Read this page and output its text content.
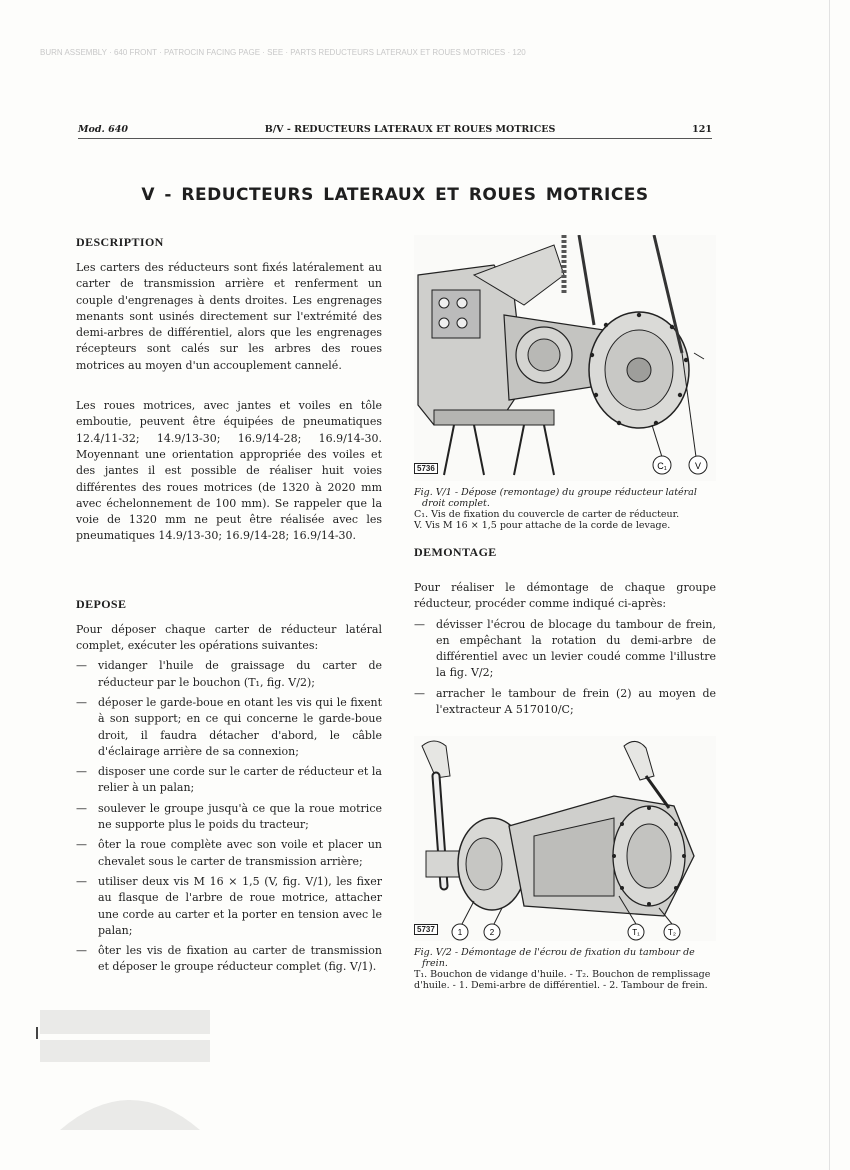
BURN ASSEMBLY · 640 FRONT · PATROCIN FACING PAGE · SEE · PARTS REDUCTEURS LATERAUX ET ROUES MOTRICES · 120
Mod. 640	B/V - REDUCTEURS LATERAUX ET ROUES MOTRICES	121
V - REDUCTEURS LATERAUX ET ROUES MOTRICES
DESCRIPTION

Les carters des réducteurs sont fixés latéralement au carter de transmission arrière et renferment un couple d'engrenages à dents droites. Les engrenages menants sont usinés directement sur l'extrémité des demi-arbres de différentiel, alors que les engrenages récepteurs sont calés sur les arbres des roues motrices au moyen d'un accouplement cannelé.

Les roues motrices, avec jantes et voiles en tôle emboutie, peuvent être équipées de pneumatiques 12.4/11-32; 14.9/13-30; 16.9/14-28; 16.9/14-30. Moyennant une orientation appropriée des voiles et des jantes il est possible de réaliser huit voies différentes des roues motrices (de 1320 à 2020 mm avec échelonnement de 100 mm). Se rappeler que la voie de 1320 mm ne peut être réalisée avec les pneumatiques 14.9/13-30; 16.9/14-28; 16.9/14-30.

DEPOSE

Pour déposer chaque carter de réducteur latéral complet, exécuter les opérations suivantes:

— vidanger l'huile de graissage du carter de réducteur par le bouchon (T₁, fig. V/2);
— déposer le garde-boue en otant les vis qui le fixent à son support; en ce qui concerne le garde-boue droit, il faudra détacher d'abord, le câble d'éclairage arrière de sa connexion;
— disposer une corde sur le carter de réducteur et la relier à un palan;
— soulever le groupe jusqu'à ce que la roue motrice ne supporte plus le poids du tracteur;
— ôter la roue complète avec son voile et placer un chevalet sous le carter de transmission arrière;
— utiliser deux vis M 16 × 1,5 (V, fig. V/1), les fixer au flasque de l'arbre de roue motrice, attacher une corde au carter et la porter en tension avec le palan;
— ôter les vis de fixation au carter de transmission et déposer le groupe réducteur complet (fig. V/1).
C₁	V
5736
Fig. V/1 - Dépose (remontage) du groupe réducteur latéral droit complet.
C₁. Vis de fixation du couvercle de carter de réducteur.
V. Vis M 16 × 1,5 pour attache de la corde de levage.
DEMONTAGE

Pour réaliser le démontage de chaque groupe réducteur, procéder comme indiqué ci-après:

— dévisser l'écrou de blocage du tambour de frein, en empêchant la rotation du demi-arbre de différentiel avec un levier coudé comme l'illustre la fig. V/2;
— arracher le tambour de frein (2) au moyen de l'extracteur A 517010/C;
1	2	T₁	T₂
5737
Fig. V/2 - Démontage de l'écrou de fixation du tambour de frein.
T₁. Bouchon de vidange d'huile. - T₂. Bouchon de remplissage d'huile. - 1. Demi-arbre de différentiel. - 2. Tambour de frein.
